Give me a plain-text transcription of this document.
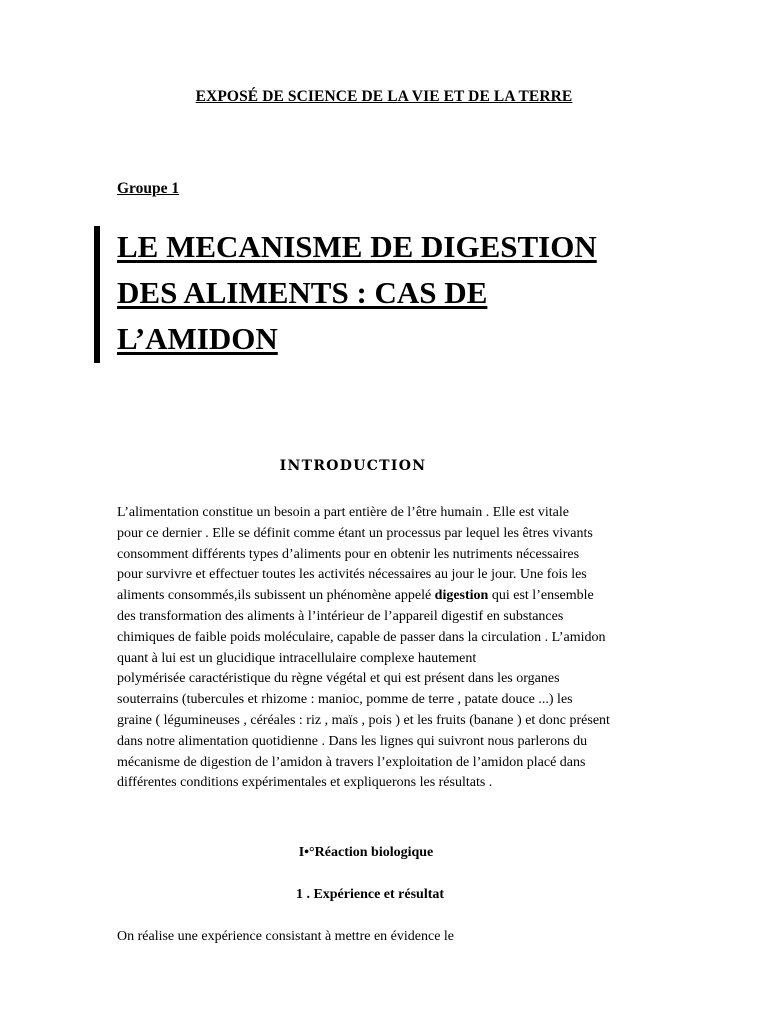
EXPOSÉ DE SCIENCE DE LA VIE ET DE LA TERRE
Groupe 1
LE MECANISME DE DIGESTION
DES ALIMENTS : CAS DE
L’AMIDON
INTRODUCTION
L’alimentation constitue un besoin a part entière de l’être humain . Elle est vitale
pour ce dernier . Elle se définit comme étant un processus par lequel les êtres vivants
consomment différents types d’aliments pour en obtenir les nutriments nécessaires
pour survivre et effectuer toutes les activités nécessaires au jour le jour. Une fois les
aliments consommés,ils subissent un phénomène appelé digestion qui est l’ensemble
des transformation des aliments à l’intérieur de l’appareil digestif en substances
chimiques de faible poids moléculaire, capable de passer dans la circulation . L’amidon
quant à lui est un glucidique intracellulaire complexe hautement
polymérisée caractéristique du règne végétal et qui est présent dans les organes
souterrains (tubercules et rhizome : manioc, pomme de terre , patate douce ...) les
graine ( légumineuses , céréales : riz , maïs , pois ) et les fruits (banane ) et donc présent
dans notre alimentation quotidienne . Dans les lignes qui suivront nous parlerons du
mécanisme de digestion de l’amidon à travers l’exploitation de l’amidon placé dans
différentes conditions expérimentales et expliquerons les résultats .
I•°Réaction biologique
1 . Expérience et résultat
On réalise une expérience consistant à mettre en évidence le
